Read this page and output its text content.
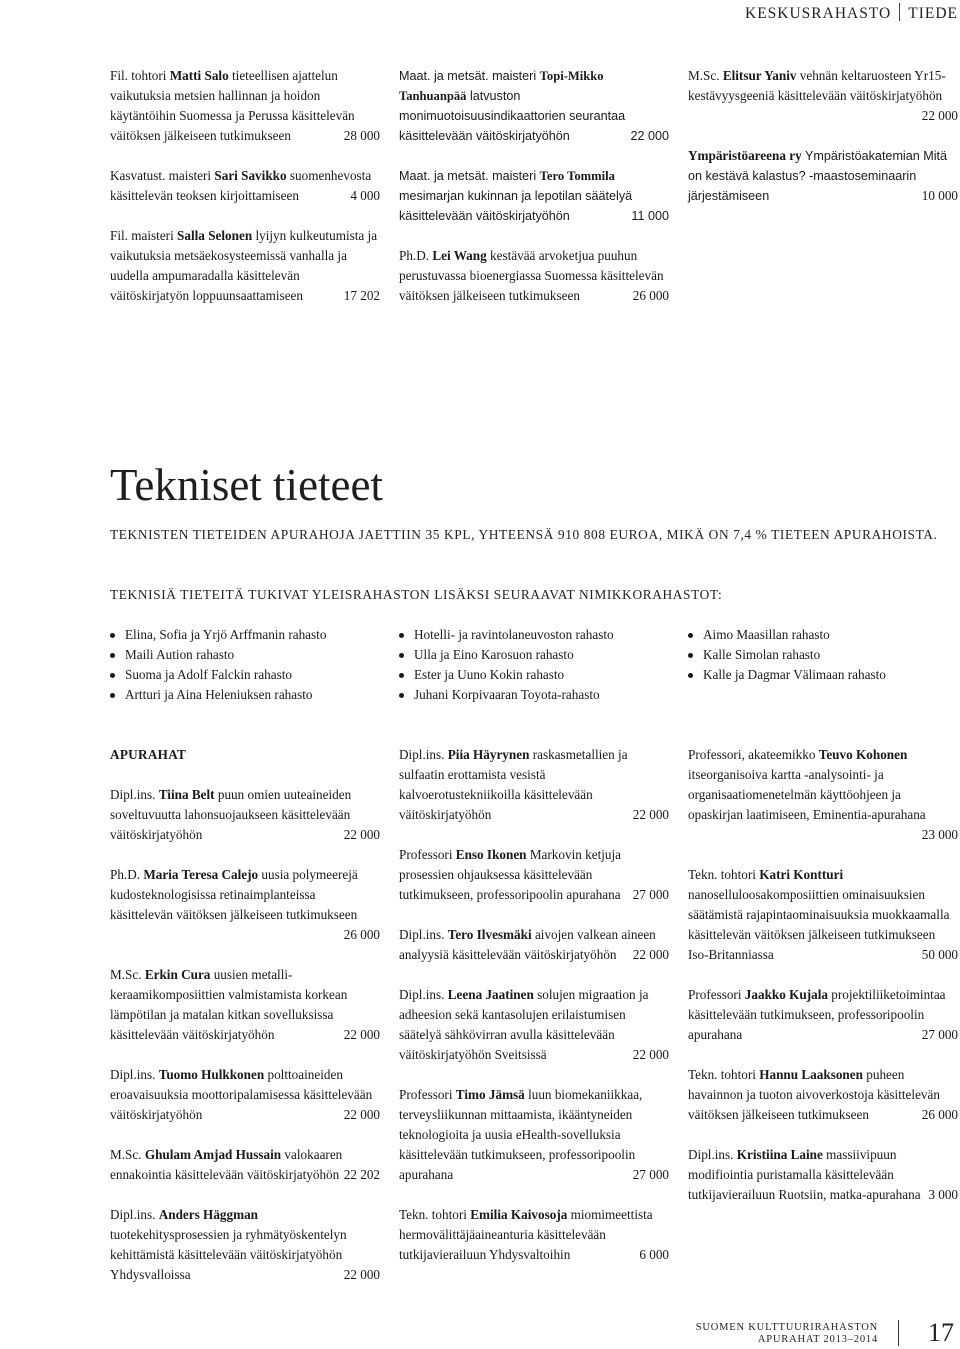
KESKUSRAHASTO TIEDE

Fil. tohtori Matti Salo tieteellisen ajattelun vaikutuksia metsien hallinnan ja hoidon käytäntöihin Suomessa ja Perussa käsittelevän väitöksen jälkeiseen tutkimukseen	28 000

Kasvatust. maisteri Sari Savikko suomenhevosta käsittelevän teoksen kirjoittamiseen	4 000

Fil. maisteri Salla Selonen lyijyn kulkeutumista ja vaikutuksia metsäekosysteemissä vanhalla ja uudella ampumaradalla käsittelevän väitöskirjatyön loppuunsaattamiseen	17 202

Maat. ja metsät. maisteri Topi-Mikko Tanhuanpää latvuston monimuotoisuusindikaattorien seurantaa käsittelevään väitöskirjatyöhön	22 000

Maat. ja metsät. maisteri Tero Tommila mesimarjan kukinnan ja lepotilan säätelyä käsittelevään väitöskirjatyöhön	11 000

Ph.D. Lei Wang kestävää arvoketjua puuhun perustuvassa bioenergiassa Suomessa käsittelevän väitöksen jälkeiseen tutkimukseen	26 000

M.Sc. Elitsur Yaniv vehnän keltaruosteen Yr15-kestävyysgeeniä käsittelevään väitöskirjatyöhön
22 000

Ympäristöareena ry Ympäristöakatemian Mitä on kestävä kalastus? -maastoseminaarin järjestämiseen	10 000

Tekniset tieteet
TEKNISTEN TIETEIDEN APURAHOJA JAETTIIN 35 KPL, YHTEENSÄ 910 808 EUROA, MIKÄ ON 7,4 % TIETEEN APURAHOISTA.
TEKNISIÄ TIETEITÄ TUKIVAT YLEISRAHASTON LISÄKSI SEURAAVAT NIMIKKORAHASTOT:
Elina, Sofia ja Yrjö Arffmanin rahasto
Maili Aution rahasto
Suoma ja Adolf Falckin rahasto
Artturi ja Aina Heleniuksen rahasto
Hotelli- ja ravintolaneuvoston rahasto
Ulla ja Eino Karosuon rahasto
Ester ja Uuno Kokin rahasto
Juhani Korpivaaran Toyota-rahasto
Aimo Maasillan rahasto
Kalle Simolan rahasto
Kalle ja Dagmar Välimaan rahasto
APURAHAT

Dipl.ins. Tiina Belt puun omien uuteaineiden soveltuvuutta lahonsuojaukseen käsittelevään väitöskirjatyöhön	22 000

Ph.D. Maria Teresa Calejo uusia polymeerejä kudosteknologisissa retinaimplanteissa käsittelevän väitöksen jälkeiseen tutkimukseen
26 000

M.Sc. Erkin Cura uusien metalli-keraamikomposiittien valmistamista korkean lämpötilan ja matalan kitkan sovelluksissa käsittelevään väitöskirjatyöhön	22 000

Dipl.ins. Tuomo Hulkkonen polttoaineiden eroavaisuuksia moottoripalamisessa käsittelevään väitöskirjatyöhön	22 000

M.Sc. Ghulam Amjad Hussain valokaaren ennakointia käsittelevään väitöskirjatyöhön 22 202

Dipl.ins. Anders Häggman tuotekehitysprosessien ja ryhmätyöskentelyn kehittämistä käsittelevään väitöskirjatyöhön Yhdysvalloissa	22 000

Dipl.ins. Piia Häyrynen raskasmetallien ja sulfaatin erottamista vesistä kalvoerotustekniikoilla käsittelevään väitöskirjatyöhön	22 000

Professori Enso Ikonen Markovin ketjuja prosessien ohjauksessa käsittelevään tutkimukseen, professoripoolin apurahana 27 000

Dipl.ins. Tero Ilvesmäki aivojen valkean aineen analyysiä käsittelevään väitöskirjatyöhön 22 000

Dipl.ins. Leena Jaatinen solujen migraation ja adheesion sekä kantasolujen erilaistumisen säätelyä sähkövirran avulla käsittelevään väitöskirjatyöhön Sveitsissä	22 000

Professori Timo Jämsä luun biomekaniikkaa, terveysliikunnan mittaamista, ikääntyneiden teknologioita ja uusia eHealth-sovelluksia käsittelevään tutkimukseen, professoripoolin apurahana	27 000

Tekn. tohtori Emilia Kaivosoja miomimeettista hermovälittäjäaineanturia käsittelevään tutkijavierailuun Yhdysvaltoihin	6 000

Professori, akateemikko Teuvo Kohonen itseorganisoiva kartta -analysointi- ja organisaatiomenetelmän käyttöohjeen ja opaskirjan laatimiseen, Eminentia-apurahana
23 000

Tekn. tohtori Katri Kontturi nanoselluloosakomposiittien ominaisuuksien säätämistä rajapintaominaisuuksia muokkaamalla käsittelevän väitöksen jälkeiseen tutkimukseen Iso-Britanniassa	50 000

Professori Jaakko Kujala projektiliiketoimintaa käsittelevään tutkimukseen, professoripoolin apurahana	27 000

Tekn. tohtori Hannu Laaksonen puheen havainnon ja tuoton aivoverkostoja käsittelevän väitöksen jälkeiseen tutkimukseen	26 000

Dipl.ins. Kristiina Laine massiivipuun modifiointia puristamalla käsittelevään tutkijavierailuun Ruotsiin, matka-apurahana 3 000

SUOMEN KULTTUURIRAHASTON
APURAHAT 2013–2014 17
